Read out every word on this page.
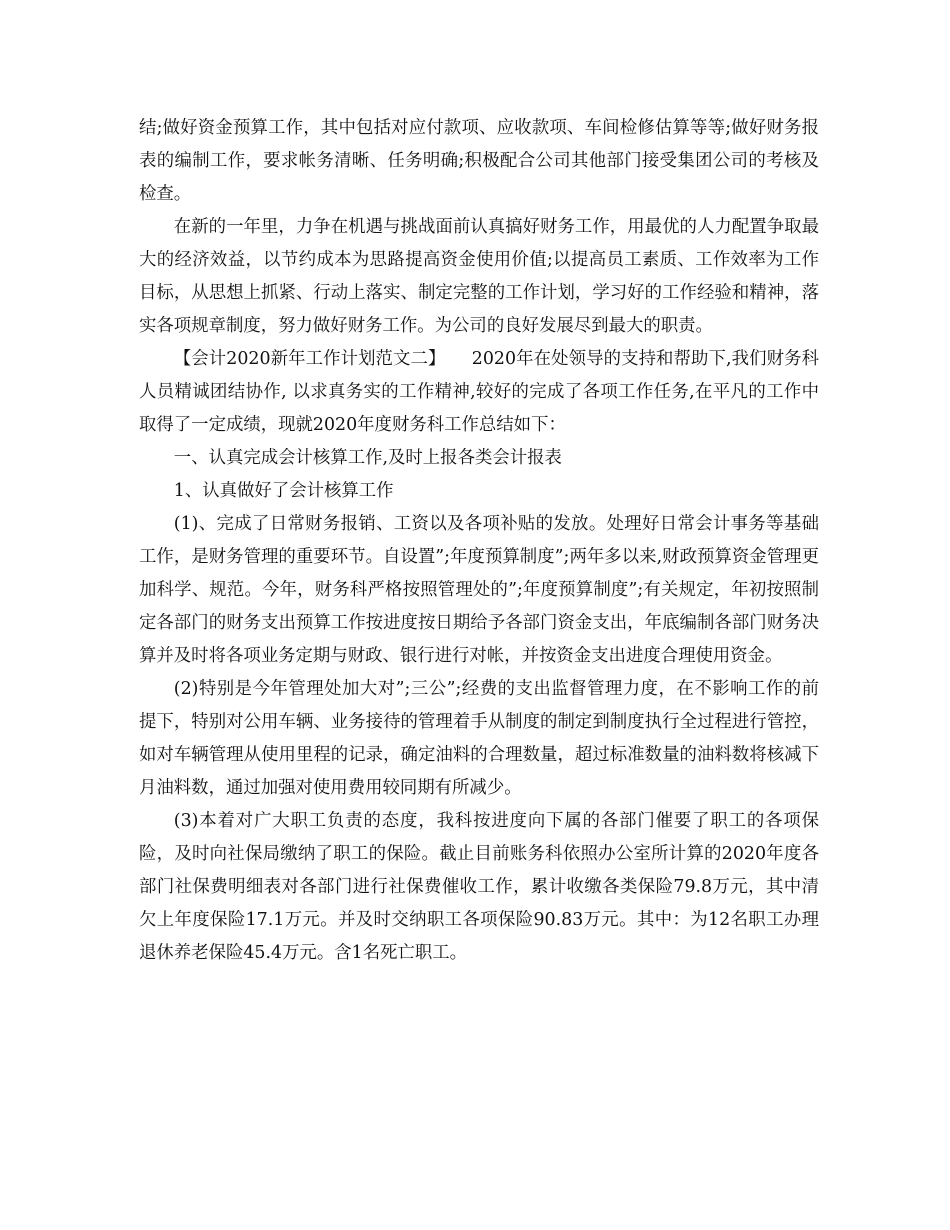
结;做好资金预算工作，其中包括对应付款项、应收款项、车间检修估算等等;做好财务报表的编制工作，要求帐务清晰、任务明确;积极配合公司其他部门接受集团公司的考核及检查。

在新的一年里，力争在机遇与挑战面前认真搞好财务工作，用最优的人力配置争取最大的经济效益，以节约成本为思路提高资金使用价值;以提高员工素质、工作效率为工作目标，从思想上抓紧、行动上落实、制定完整的工作计划，学习好的工作经验和精神，落实各项规章制度，努力做好财务工作。为公司的良好发展尽到最大的职责。

【会计2020新年工作计划范文二】　　2020年在处领导的支持和帮助下,我们财务科人员精诚团结协作, 以求真务实的工作精神,较好的完成了各项工作任务,在平凡的工作中取得了一定成绩，现就2020年度财务科工作总结如下：

一、认真完成会计核算工作,及时上报各类会计报表

1、认真做好了会计核算工作

(1)、完成了日常财务报销、工资以及各项补贴的发放。处理好日常会计事务等基础工作，是财务管理的重要环节。自设置”;年度预算制度”;两年多以来,财政预算资金管理更加科学、规范。今年，财务科严格按照管理处的”;年度预算制度”;有关规定，年初按照制定各部门的财务支出预算工作按进度按日期给予各部门资金支出，年底编制各部门财务决算并及时将各项业务定期与财政、银行进行对帐，并按资金支出进度合理使用资金。

(2)特别是今年管理处加大对”;三公”;经费的支出监督管理力度，在不影响工作的前提下，特别对公用车辆、业务接待的管理着手从制度的制定到制度执行全过程进行管控，如对车辆管理从使用里程的记录，确定油料的合理数量，超过标准数量的油料数将核减下月油料数，通过加强对使用费用较同期有所减少。

(3)本着对广大职工负责的态度，我科按进度向下属的各部门催要了职工的各项保险，及时向社保局缴纳了职工的保险。截止目前账务科依照办公室所计算的2020年度各部门社保费明细表对各部门进行社保费催收工作，累计收缴各类保险79.8万元，其中清欠上年度保险17.1万元。并及时交纳职工各项保险90.83万元。其中：为12名职工办理退休养老保险45.4万元。含1名死亡职工。
